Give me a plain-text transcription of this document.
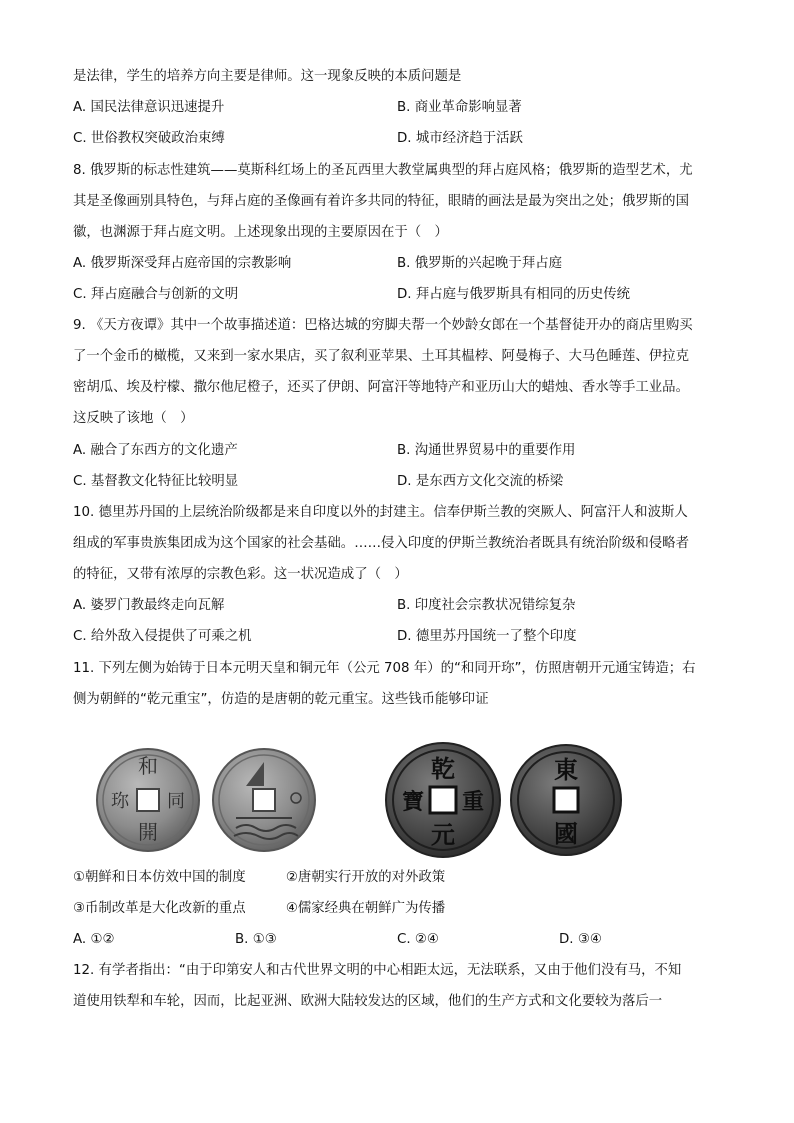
是法律，学生的培养方向主要是律师。这一现象反映的本质问题是
A. 国民法律意识迅速提升	B. 商业革命影响显著
C. 世俗教权突破政治束缚	D. 城市经济趋于活跃
8. 俄罗斯的标志性建筑——莫斯科红场上的圣瓦西里大教堂属典型的拜占庭风格；俄罗斯的造型艺术，尤
其是圣像画别具特色，与拜占庭的圣像画有着许多共同的特征，眼睛的画法是最为突出之处；俄罗斯的国
徽，也渊源于拜占庭文明。上述现象出现的主要原因在于（　）
A. 俄罗斯深受拜占庭帝国的宗教影响	B. 俄罗斯的兴起晚于拜占庭
C. 拜占庭融合与创新的文明	D. 拜占庭与俄罗斯具有相同的历史传统
9. 《天方夜谭》其中一个故事描述道：巴格达城的穷脚夫帮一个妙龄女郎在一个基督徒开办的商店里购买
了一个金币的橄榄，又来到一家水果店，买了叙利亚苹果、土耳其榅桲、阿曼梅子、大马色睡莲、伊拉克
密胡瓜、埃及柠檬、撒尔他尼橙子，还买了伊朗、阿富汗等地特产和亚历山大的蜡烛、香水等手工业品。
这反映了该地（　）
A. 融合了东西方的文化遗产	B. 沟通世界贸易中的重要作用
C. 基督教文化特征比较明显	D. 是东西方文化交流的桥梁
10. 德里苏丹国的上层统治阶级都是来自印度以外的封建主。信奉伊斯兰教的突厥人、阿富汗人和波斯人
组成的军事贵族集团成为这个国家的社会基础。……侵入印度的伊斯兰教统治者既具有统治阶级和侵略者
的特征，又带有浓厚的宗教色彩。这一状况造成了（　）
A. 婆罗门教最终走向瓦解	B. 印度社会宗教状况错综复杂
C. 给外敌入侵提供了可乘之机	D. 德里苏丹国统一了整个印度
11. 下列左侧为始铸于日本元明天皇和铜元年（公元 708 年）的“和同开珎”，仿照唐朝开元通宝铸造；右
侧为朝鲜的“乾元重宝”，仿造的是唐朝的乾元重宝。这些钱币能够印证
和
同
開
珎
乾
重
元
寶
東
國
①朝鲜和日本仿效中国的制度　　　②唐朝实行开放的对外政策
③币制改革是大化改新的重点　　　④儒家经典在朝鲜广为传播
A. ①②	B. ①③	C. ②④	D. ③④
12. 有学者指出：“由于印第安人和古代世界文明的中心相距太远，无法联系，又由于他们没有马，不知
道使用铁犁和车轮，因而，比起亚洲、欧洲大陆较发达的区域，他们的生产方式和文化要较为落后一
